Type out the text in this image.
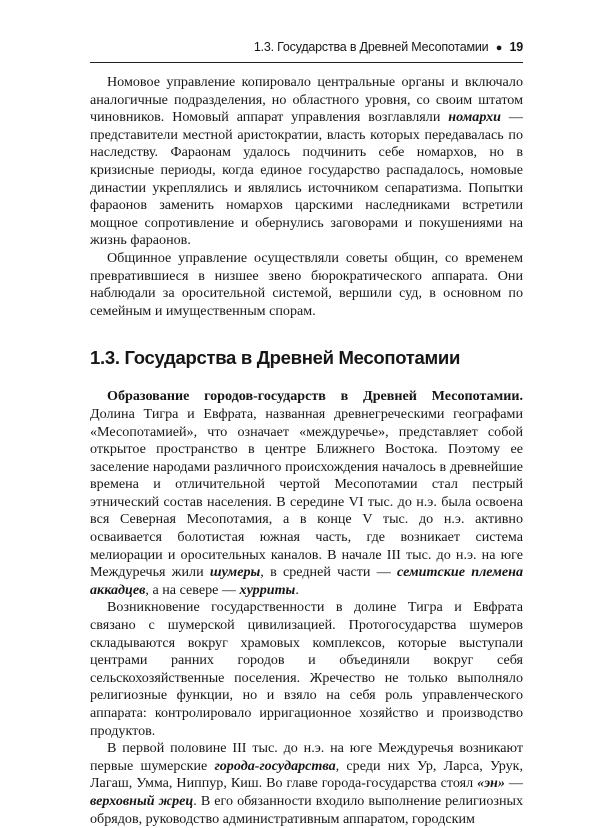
1.3. Государства в Древней Месопотамии ● 19

Номовое управление копировало центральные органы и включало аналогичные подразделения, но областного уровня, со своим штатом чиновников. Номовый аппарат управления возглавляли номархи — представители местной аристократии, власть которых передавалась по наследству. Фараонам удалось подчинить себе номархов, но в кризисные периоды, когда единое государство распадалось, номовые династии укреплялись и являлись источником сепаратизма. Попытки фараонов заменить номархов царскими наследниками встретили мощное сопротивление и обернулись заговорами и покушениями на жизнь фараонов.

Общинное управление осуществляли советы общин, со временем превратившиеся в низшее звено бюрократического аппарата. Они наблюдали за оросительной системой, вершили суд, в основном по семейным и имущественным спорам.

1.3. Государства в Древней Месопотамии

Образование городов-государств в Древней Месопотамии. Долина Тигра и Евфрата, названная древнегреческими географами «Месопотамией», что означает «междуречье», представляет собой открытое пространство в центре Ближнего Востока. Поэтому ее заселение народами различного происхождения началось в древнейшие времена и отличительной чертой Месопотамии стал пестрый этнический состав населения. В середине VI тыс. до н.э. была освоена вся Северная Месопотамия, а в конце V тыс. до н.э. активно осваивается болотистая южная часть, где возникает система мелиорации и оросительных каналов. В начале III тыс. до н.э. на юге Междуречья жили шумеры, в средней части — семитские племена аккадцев, а на севере — хурриты.

Возникновение государственности в долине Тигра и Евфрата связано с шумерской цивилизацией. Протогосударства шумеров складываются вокруг храмовых комплексов, которые выступали центрами ранних городов и объединяли вокруг себя сельскохозяйственные поселения. Жречество не только выполняло религиозные функции, но и взяло на себя роль управленческого аппарата: контролировало ирригационное хозяйство и производство продуктов.

В первой половине III тыс. до н.э. на юге Междуречья возникают первые шумерские города-государства, среди них Ур, Ларса, Урук, Лагаш, Умма, Ниппур, Киш. Во главе города-государства стоял «эн» — верховный жрец. В его обязанности входило выполнение религиозных обрядов, руководство административным аппаратом, городским
